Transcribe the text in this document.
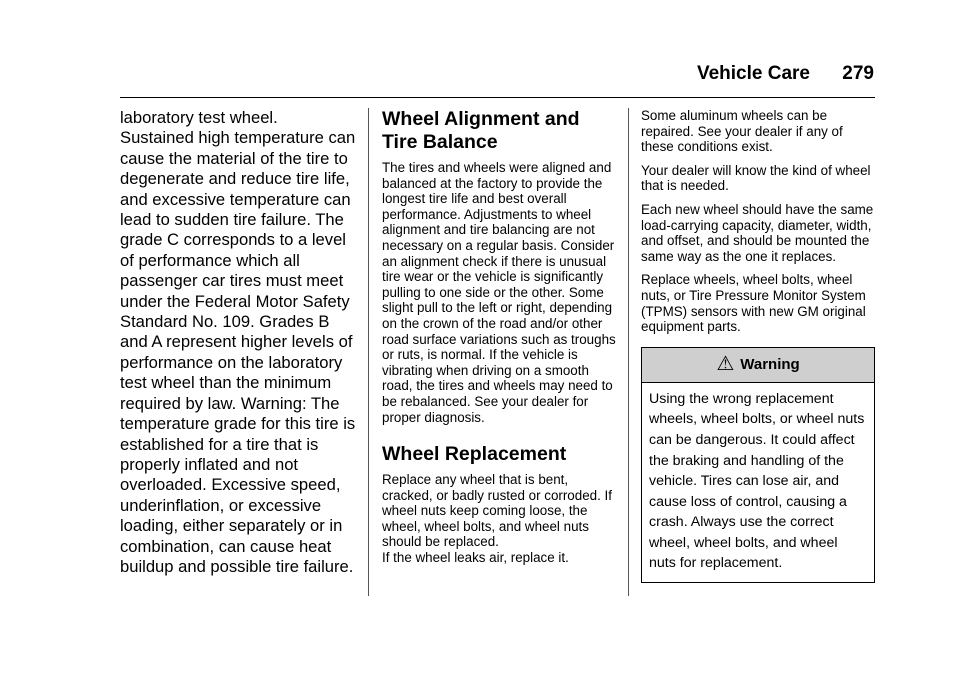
Vehicle Care	279

laboratory test wheel. Sustained high temperature can cause the material of the tire to degenerate and reduce tire life, and excessive temperature can lead to sudden tire failure. The grade C corresponds to a level of performance which all passenger car tires must meet under the Federal Motor Safety Standard No. 109. Grades B and A represent higher levels of performance on the laboratory test wheel than the minimum required by law. Warning: The temperature grade for this tire is established for a tire that is properly inflated and not overloaded. Excessive speed, underinflation, or excessive loading, either separately or in combination, can cause heat buildup and possible tire failure.

Wheel Alignment and Tire Balance

The tires and wheels were aligned and balanced at the factory to provide the longest tire life and best overall performance. Adjustments to wheel alignment and tire balancing are not necessary on a regular basis. Consider an alignment check if there is unusual tire wear or the vehicle is significantly pulling to one side or the other. Some slight pull to the left or right, depending on the crown of the road and/or other road surface variations such as troughs or ruts, is normal. If the vehicle is vibrating when driving on a smooth road, the tires and wheels may need to be rebalanced. See your dealer for proper diagnosis.

Wheel Replacement

Replace any wheel that is bent, cracked, or badly rusted or corroded. If wheel nuts keep coming loose, the wheel, wheel bolts, and wheel nuts should be replaced.

If the wheel leaks air, replace it.

Some aluminum wheels can be repaired. See your dealer if any of these conditions exist.

Your dealer will know the kind of wheel that is needed.

Each new wheel should have the same load-carrying capacity, diameter, width, and offset, and should be mounted the same way as the one it replaces.

Replace wheels, wheel bolts, wheel nuts, or Tire Pressure Monitor System (TPMS) sensors with new GM original equipment parts.

⚠ Warning
Using the wrong replacement wheels, wheel bolts, or wheel nuts can be dangerous. It could affect the braking and handling of the vehicle. Tires can lose air, and cause loss of control, causing a crash. Always use the correct wheel, wheel bolts, and wheel nuts for replacement.
